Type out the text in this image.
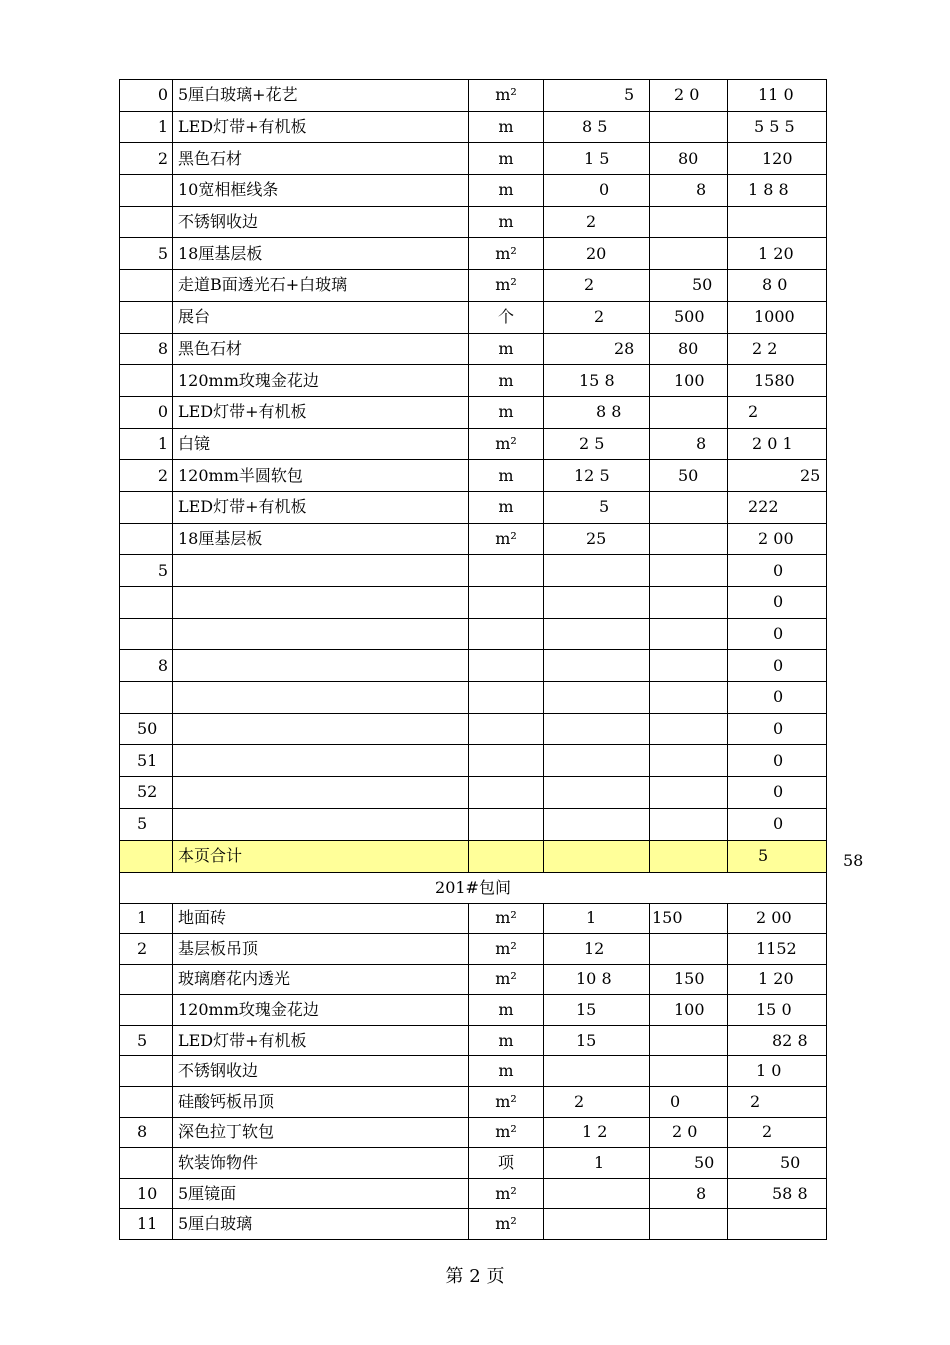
0	5厘白玻璃+花艺	m²	5	2 0	11 0

1	LED灯带+有机板	m	8 5		5 5 5

2	黑色石材	m	1 5	80	120

	10宽相框线条	m	0	8	1 8 8

	不锈钢收边	m	2		

5	18厘基层板	m²	20		1 20

	走道B面透光石+白玻璃	m²	2	50	8 0

	展台	个	2	500	1000

8	黑色石材	m	28	80	2 2

	120mm玫瑰金花边	m	15 8	100	1580

0	LED灯带+有机板	m	8 8		2

1	白镜	m²	2 5	8	2 0 1

2	120mm半圆软包	m	12 5	50	25

	LED灯带+有机板	m	5		222

	18厘基层板	m²	25		2 00

5					0

					0

					0

8					0

					0

50					0

51					0

52					0

5					0

	本页合计				5

201#包间					
1	地面砖	m²	1	150	2 00

2	基层板吊顶	m²	12		1152

	玻璃磨花内透光	m²	10 8	150	1 20

	120mm玫瑰金花边	m	15	100	15 0

5	LED灯带+有机板	m	15		82 8

	不锈钢收边	m			1 0

	硅酸钙板吊顶	m²	2	0	2

8	深色拉丁软包	m²	1 2	2 0	2

	软装饰物件	项	1	50	50

10	5厘镜面	m²		8	58 8

11	5厘白玻璃	m²			
58
第 2 页
